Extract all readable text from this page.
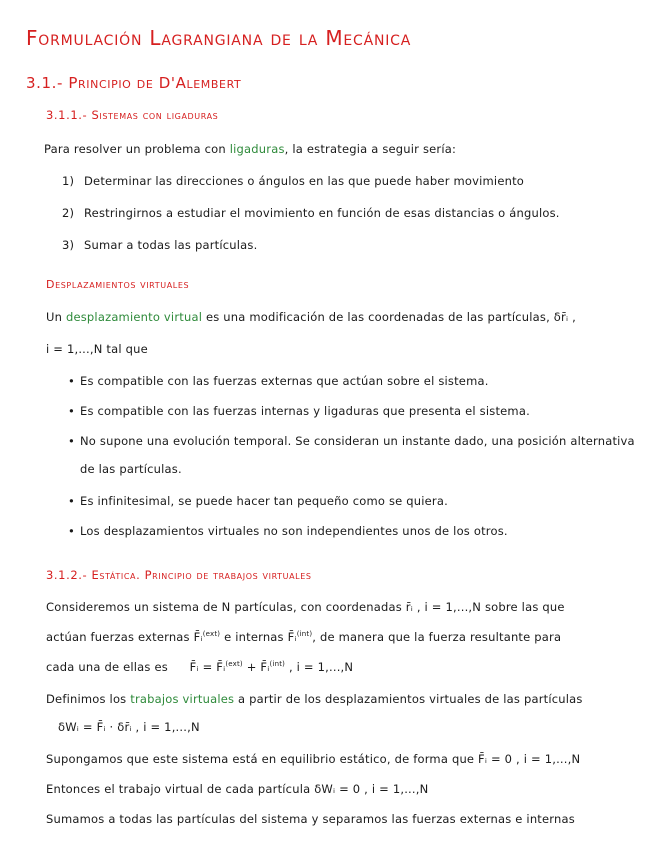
Formulación Lagrangiana de la Mecánica
3.1.- Principio de D'Alembert
3.1.1.- Sistemas con ligaduras
Para resolver un problema con ligaduras, la estrategia a seguir sería:
1) Determinar las direcciones o ángulos en las que puede haber movimiento
2) Restringirnos a estudiar el movimiento en función de esas distancias o ángulos.
3) Sumar a todas las partículas.
Desplazamientos virtuales
Un desplazamiento virtual es una modificación de las coordenadas de las partículas, δr̄ᵢ ,
i = 1,...,N tal que
• Es compatible con las fuerzas externas que actúan sobre el sistema.
• Es compatible con las fuerzas internas y ligaduras que presenta el sistema.
• No supone una evolución temporal. Se consideran un instante dado, una posición alternativa
de las partículas.
• Es infinitesimal, se puede hacer tan pequeño como se quiera.
• Los desplazamientos virtuales no son independientes unos de los otros.
3.1.2.- Estática. Principio de trabajos virtuales
Consideremos un sistema de N partículas, con coordenadas r̄ᵢ , i = 1,...,N sobre las que
actúan fuerzas externas F̄ᵢ$^{(ext)}$ e internas F̄ᵢ$^{(int)}$, de manera que la fuerza resultante para
cada una de ellas es F̄ᵢ = F̄ᵢ$^{(ext)}$ + F̄ᵢ$^{(int)}$ , i = 1,...,N
Definimos los trabajos virtuales a partir de los desplazamientos virtuales de las partículas
δWᵢ = F̄ᵢ · δr̄ᵢ , i = 1,...,N
Supongamos que este sistema está en equilibrio estático, de forma que F̄ᵢ = 0 , i = 1,...,N
Entonces el trabajo virtual de cada partícula δWᵢ = 0 , i = 1,...,N
Sumamos a todas las partículas del sistema y separamos las fuerzas externas e internas
